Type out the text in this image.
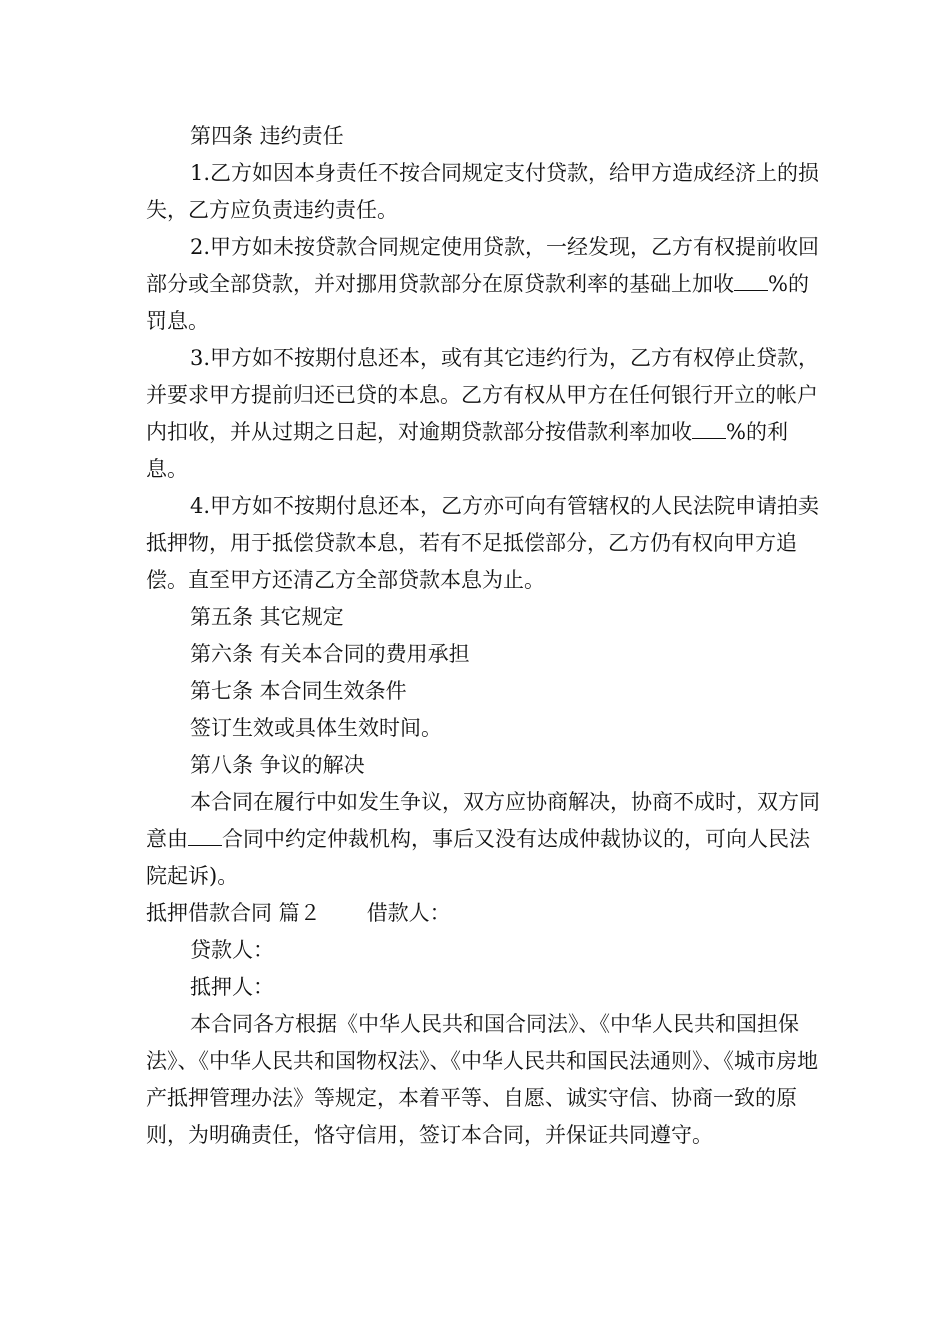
第四条 违约责任

1.乙方如因本身责任不按合同规定支付贷款，给甲方造成经济上的损失，乙方应负责违约责任。

2.甲方如未按贷款合同规定使用贷款，一经发现，乙方有权提前收回部分或全部贷款，并对挪用贷款部分在原贷款利率的基础上加收 %的罚息。

3.甲方如不按期付息还本，或有其它违约行为，乙方有权停止贷款，并要求甲方提前归还已贷的本息。乙方有权从甲方在任何银行开立的帐户内扣收，并从过期之日起，对逾期贷款部分按借款利率加收 %的利息。

4.甲方如不按期付息还本，乙方亦可向有管辖权的人民法院申请拍卖抵押物，用于抵偿贷款本息，若有不足抵偿部分，乙方仍有权向甲方追偿。直至甲方还清乙方全部贷款本息为止。

第五条 其它规定

第六条 有关本合同的费用承担

第七条 本合同生效条件

签订生效或具体生效时间。

第八条 争议的解决

本合同在履行中如发生争议，双方应协商解决，协商不成时，双方同意由 合同中约定仲裁机构，事后又没有达成仲裁协议的，可向人民法院起诉)。

抵押借款合同 篇２ 借款人：

贷款人：

抵押人：

本合同各方根据《中华人民共和国合同法》、《中华人民共和国担保法》、《中华人民共和国物权法》、《中华人民共和国民法通则》、《城市房地产抵押管理办法》等规定，本着平等、自愿、诚实守信、协商一致的原则，为明确责任，恪守信用，签订本合同，并保证共同遵守。
